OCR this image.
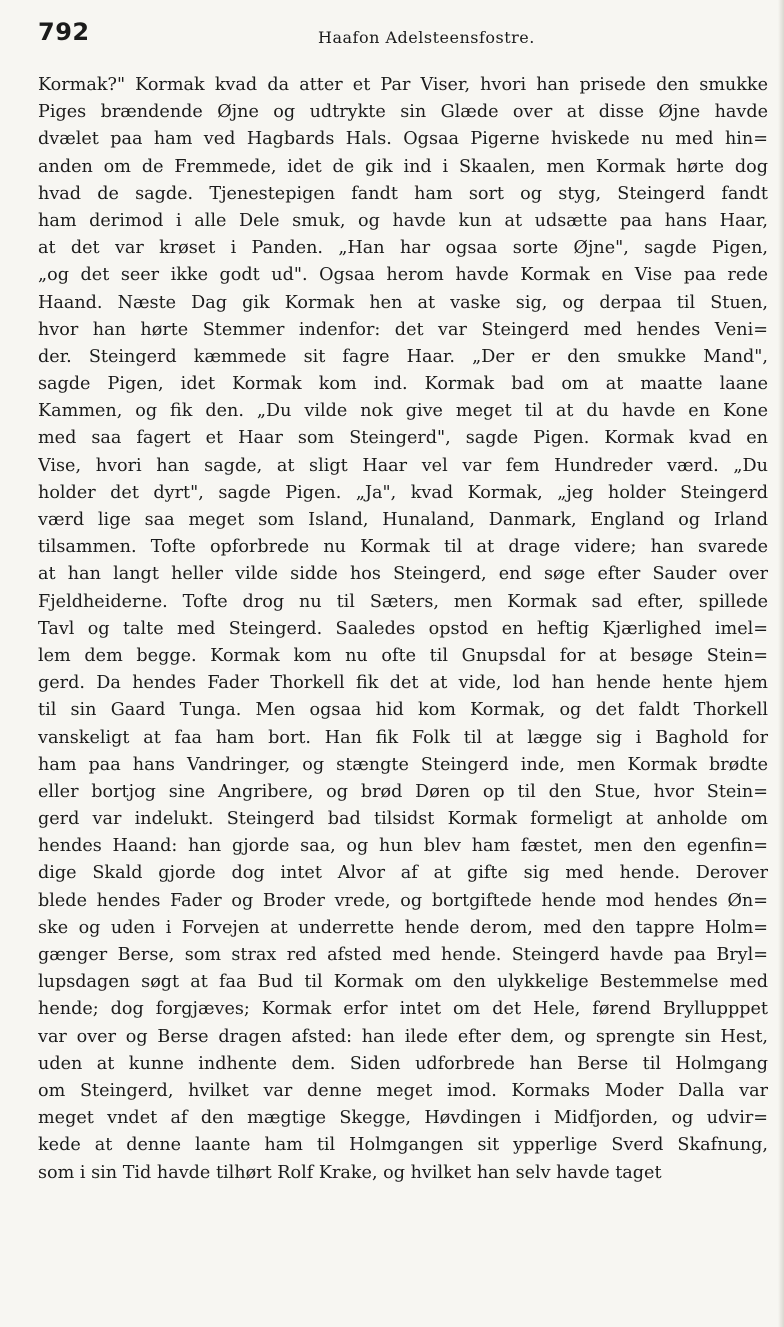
792	Haafon Adelsteensfostre.
Kormak?" Kormak kvad da atter et Par Viser, hvori han prisede den smukke
Piges brændende Øjne og udtrykte sin Glæde over at disse Øjne havde
dvælet paa ham ved Hagbards Hals. Ogsaa Pigerne hviskede nu med hin=
anden om de Fremmede, idet de gik ind i Skaalen, men Kormak hørte dog
hvad de sagde. Tjenestepigen fandt ham sort og styg, Steingerd fandt
ham derimod i alle Dele smuk, og havde kun at udsætte paa hans Haar,
at det var krøset i Panden. „Han har ogsaa sorte Øjne", sagde Pigen,
„og det seer ikke godt ud". Ogsaa herom havde Kormak en Vise paa rede
Haand. Næste Dag gik Kormak hen at vaske sig, og derpaa til Stuen,
hvor han hørte Stemmer indenfor: det var Steingerd med hendes Veni=
der. Steingerd kæmmede sit fagre Haar. „Der er den smukke Mand",
sagde Pigen, idet Kormak kom ind. Kormak bad om at maatte laane
Kammen, og fik den. „Du vilde nok give meget til at du havde en Kone
med saa fagert et Haar som Steingerd", sagde Pigen. Kormak kvad en
Vise, hvori han sagde, at sligt Haar vel var fem Hundreder værd. „Du
holder det dyrt", sagde Pigen. „Ja", kvad Kormak, „jeg holder Steingerd
værd lige saa meget som Island, Hunaland, Danmark, England og Irland
tilsammen. Tofte opforbrede nu Kormak til at drage videre; han svarede
at han langt heller vilde sidde hos Steingerd, end søge efter Sauder over
Fjeldheiderne. Tofte drog nu til Sæters, men Kormak sad efter, spillede
Tavl og talte med Steingerd. Saaledes opstod en heftig Kjærlighed imel=
lem dem begge. Kormak kom nu ofte til Gnupsdal for at besøge Stein=
gerd. Da hendes Fader Thorkell fik det at vide, lod han hende hente hjem
til sin Gaard Tunga. Men ogsaa hid kom Kormak, og det faldt Thorkell
vanskeligt at faa ham bort. Han fik Folk til at lægge sig i Baghold for
ham paa hans Vandringer, og stængte Steingerd inde, men Kormak brødte
eller bortjog sine Angribere, og brød Døren op til den Stue, hvor Stein=
gerd var indelukt. Steingerd bad tilsidst Kormak formeligt at anholde om
hendes Haand: han gjorde saa, og hun blev ham fæstet, men den egenfin=
dige Skald gjorde dog intet Alvor af at gifte sig med hende. Derover
blede hendes Fader og Broder vrede, og bortgiftede hende mod hendes Øn=
ske og uden i Forvejen at underrette hende derom, med den tappre Holm=
gænger Berse, som strax red afsted med hende. Steingerd havde paa Bryl=
lupsdagen søgt at faa Bud til Kormak om den ulykkelige Bestemmelse med
hende; dog forgjæves; Kormak erfor intet om det Hele, førend Bryllupppet
var over og Berse dragen afsted: han ilede efter dem, og sprengte sin Hest,
uden at kunne indhente dem. Siden udforbrede han Berse til Holmgang
om Steingerd, hvilket var denne meget imod. Kormaks Moder Dalla var
meget vndet af den mægtige Skegge, Høvdingen i Midfjorden, og udvir=
kede at denne laante ham til Holmgangen sit ypperlige Sverd Skafnung,
som i sin Tid havde tilhørt Rolf Krake, og hvilket han selv havde taget
